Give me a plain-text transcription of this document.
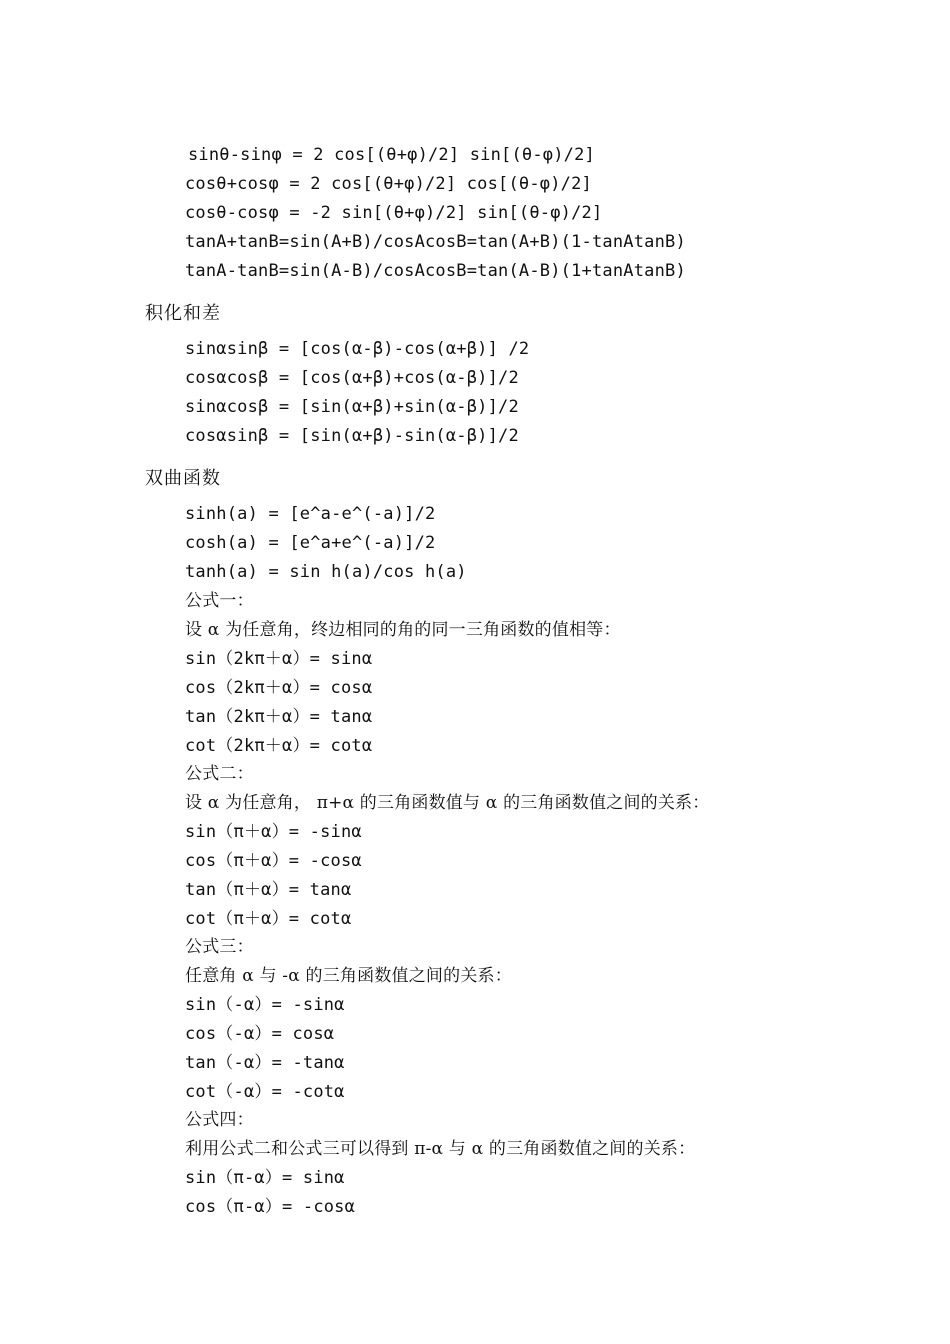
sinθ-sinφ = 2 cos[(θ+φ)/2] sin[(θ-φ)/2]
cosθ+cosφ = 2 cos[(θ+φ)/2] cos[(θ-φ)/2]
cosθ-cosφ = -2 sin[(θ+φ)/2] sin[(θ-φ)/2]
tanA+tanB=sin(A+B)/cosAcosB=tan(A+B)(1-tanAtanB)
tanA-tanB=sin(A-B)/cosAcosB=tan(A-B)(1+tanAtanB)
积化和差
sinαsinβ = [cos(α-β)-cos(α+β)] /2
cosαcosβ = [cos(α+β)+cos(α-β)]/2
sinαcosβ = [sin(α+β)+sin(α-β)]/2
cosαsinβ = [sin(α+β)-sin(α-β)]/2
双曲函数
sinh(a) = [e^a-e^(-a)]/2
cosh(a) = [e^a+e^(-a)]/2
tanh(a) = sin h(a)/cos h(a)
公式一：
设 α 为任意角，终边相同的角的同一三角函数的值相等：
sin（2kπ＋α）= sinα
cos（2kπ＋α）= cosα
tan（2kπ＋α）= tanα
cot（2kπ＋α）= cotα
公式二：
设 α 为任意角， π+α 的三角函数值与 α 的三角函数值之间的关系：
sin（π＋α）= -sinα
cos（π＋α）= -cosα
tan（π＋α）= tanα
cot（π＋α）= cotα
公式三：
任意角 α 与 -α 的三角函数值之间的关系：
sin（-α）= -sinα
cos（-α）= cosα
tan（-α）= -tanα
cot（-α）= -cotα
公式四：
利用公式二和公式三可以得到 π-α 与 α 的三角函数值之间的关系：
sin（π-α）= sinα
cos（π-α）= -cosα
